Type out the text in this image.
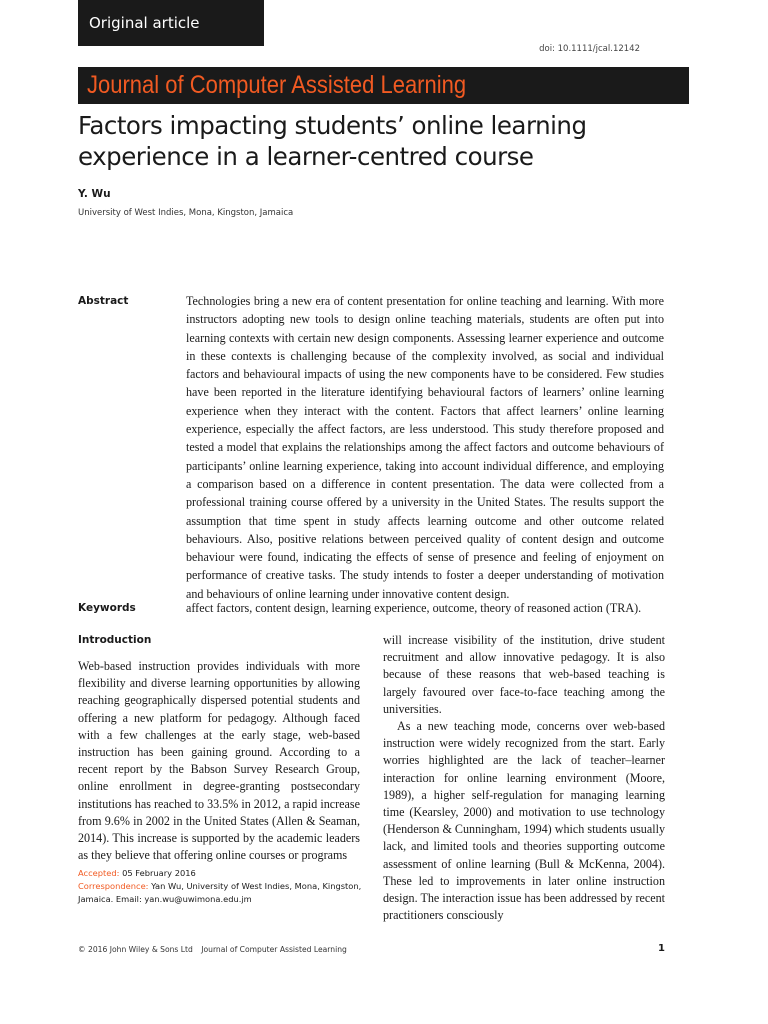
Original article
doi: 10.1111/jcal.12142
Journal of Computer Assisted Learning
Factors impacting students’ online learning experience in a learner-centred course
Y. Wu
University of West Indies, Mona, Kingston, Jamaica
Abstract	Technologies bring a new era of content presentation for online teaching and learning. With more instructors adopting new tools to design online teaching materials, students are often put into learning contexts with certain new design components. Assessing learner experience and outcome in these contexts is challenging because of the complexity involved, as social and individual factors and behavioural impacts of using the new components have to be considered. Few studies have been reported in the literature identifying behavioural factors of learners’ online learning experience when they interact with the content. Factors that affect learners’ online learning experience, especially the affect factors, are less understood. This study therefore proposed and tested a model that explains the relationships among the affect factors and outcome behaviours of participants’ online learning experience, taking into account individual difference, and employing a comparison based on a difference in content presentation. The data were collected from a professional training course offered by a university in the United States. The results support the assumption that time spent in study affects learning outcome and other outcome related behaviours. Also, positive relations between perceived quality of content design and outcome behaviour were found, indicating the effects of sense of presence and feeling of enjoyment on performance of creative tasks. The study intends to foster a deeper understanding of motivation and behaviours of online learning under innovative content design.

Keywords	affect factors, content design, learning experience, outcome, theory of reasoned action (TRA).
Introduction

Web-based instruction provides individuals with more flexibility and diverse learning opportunities by allowing reaching geographically dispersed potential students and offering a new platform for pedagogy. Although faced with a few challenges at the early stage, web-based instruction has been gaining ground. According to a recent report by the Babson Survey Research Group, online enrollment in degree-granting postsecondary institutions has reached to 33.5% in 2012, a rapid increase from 9.6% in 2002 in the United States (Allen & Seaman, 2014). This increase is supported by the academic leaders as they believe that offering online courses or programs

will increase visibility of the institution, drive student recruitment and allow innovative pedagogy. It is also because of these reasons that web-based teaching is largely favoured over face-to-face teaching among the universities.

As a new teaching mode, concerns over web-based instruction were widely recognized from the start. Early worries highlighted are the lack of teacher–learner interaction for online learning environment (Moore, 1989), a higher self-regulation for managing learning time (Kearsley, 2000) and motivation to use technology (Henderson & Cunningham, 1994) which students usually lack, and limited tools and theories supporting outcome assessment of online learning (Bull & McKenna, 2004). These led to improvements in later online instruction design. The interaction issue has been addressed by recent practitioners consciously

Accepted: 05 February 2016
Correspondence: Yan Wu, University of West Indies, Mona, Kingston, Jamaica. Email: yan.wu@uwimona.edu.jm
© 2016 John Wiley & Sons Ltd Journal of Computer Assisted Learning	1
